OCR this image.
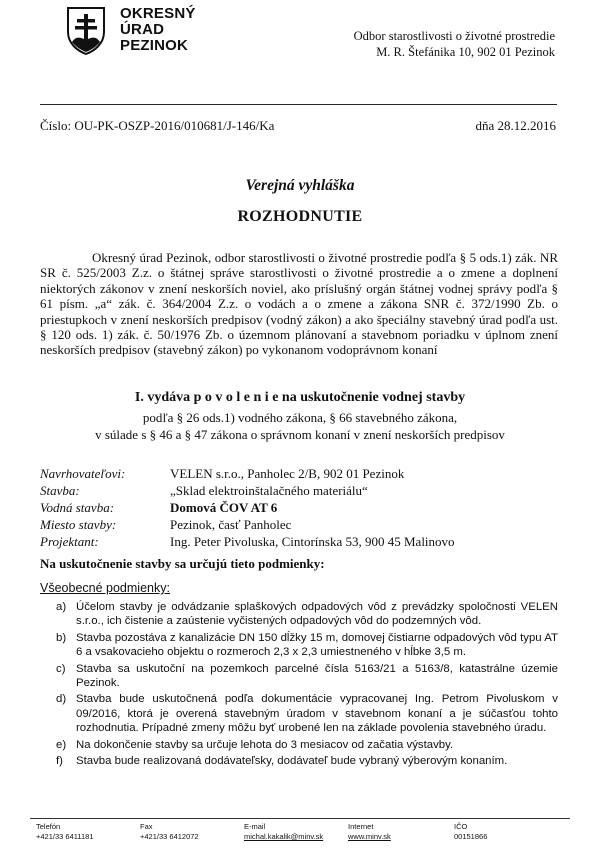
OKRESNÝ
ÚRAD
PEZINOK
Odbor starostlivosti o životné prostredie
M. R. Štefánika 10, 902 01 Pezinok
Číslo: OU-PK-OSZP-2016/010681/J-146/Ka	dňa 28.12.2016
Verejná vyhláška
ROZHODNUTIE

Okresný úrad Pezinok, odbor starostlivosti o životné prostredie podľa § 5 ods.1) zák. NR SR č. 525/2003 Z.z. o štátnej správe starostlivosti o životné prostredie a o zmene a doplnení niektorých zákonov v znení neskorších noviel, ako príslušný orgán štátnej vodnej správy podľa § 61 písm. „a“ zák. č. 364/2004 Z.z. o vodách a o zmene a zákona SNR č. 372/1990 Zb. o priestupkoch v znení neskorších predpisov (vodný zákon) a ako špeciálny stavebný úrad podľa ust. § 120 ods. 1) zák. č. 50/1976 Zb. o územnom plánovaní a stavebnom poriadku v úplnom znení neskorších predpisov (stavebný zákon) po vykonanom vodoprávnom konaní

I. vydáva p o v o l e n i e na uskutočnenie vodnej stavby
podľa § 26 ods.1) vodného zákona, § 66 stavebného zákona,
v súlade s § 46 a § 47 zákona o správnom konaní v znení neskorších predpisov
Navrhovateľovi:	VELEN s.r.o., Panholec 2/B, 902 01 Pezinok
Stavba:	„Sklad elektroinštalačného materiálu“
Vodná stavba:	Domová ČOV AT 6
Miesto stavby:	Pezinok, časť Panholec
Projektant:	Ing. Peter Pivoluska, Cintorínska 53, 900 45 Malinovo
Na uskutočnenie stavby sa určujú tieto podmienky:
Všeobecné podmienky:
a) Účelom stavby je odvádzanie splaškových odpadových vôd z prevádzky spoločnosti VELEN s.r.o., ich čistenie a zaústenie vyčistených odpadových vôd do podzemných vôd.
b) Stavba pozostáva z kanalizácie DN 150 dĺžky 15 m, domovej čistiarne odpadových vôd typu AT 6 a vsakovacieho objektu o rozmeroch 2,3 x 2,3 umiestneného v hĺbke 3,5 m.
c) Stavba sa uskutoční na pozemkoch parcelné čísla 5163/21 a 5163/8, katastrálne územie Pezinok.
d) Stavba bude uskutočnená podľa dokumentácie vypracovanej Ing. Petrom Pivoluskom v 09/2016, ktorá je overená stavebným úradom v stavebnom konaní a je súčasťou tohto rozhodnutia. Prípadné zmeny môžu byť urobené len na základe povolenia stavebného úradu.
e) Na dokončenie stavby sa určuje lehota do 3 mesiacov od začatia výstavby.
f)	Stavba bude realizovaná dodávateľsky, dodávateľ bude vybraný výberovým konaním.
Telefón
+421/33 6411181
Fax
+421/33 6412072
E-mail
michal.kakalik@minv.sk
Internet
www.minv.sk
IČO
00151866
